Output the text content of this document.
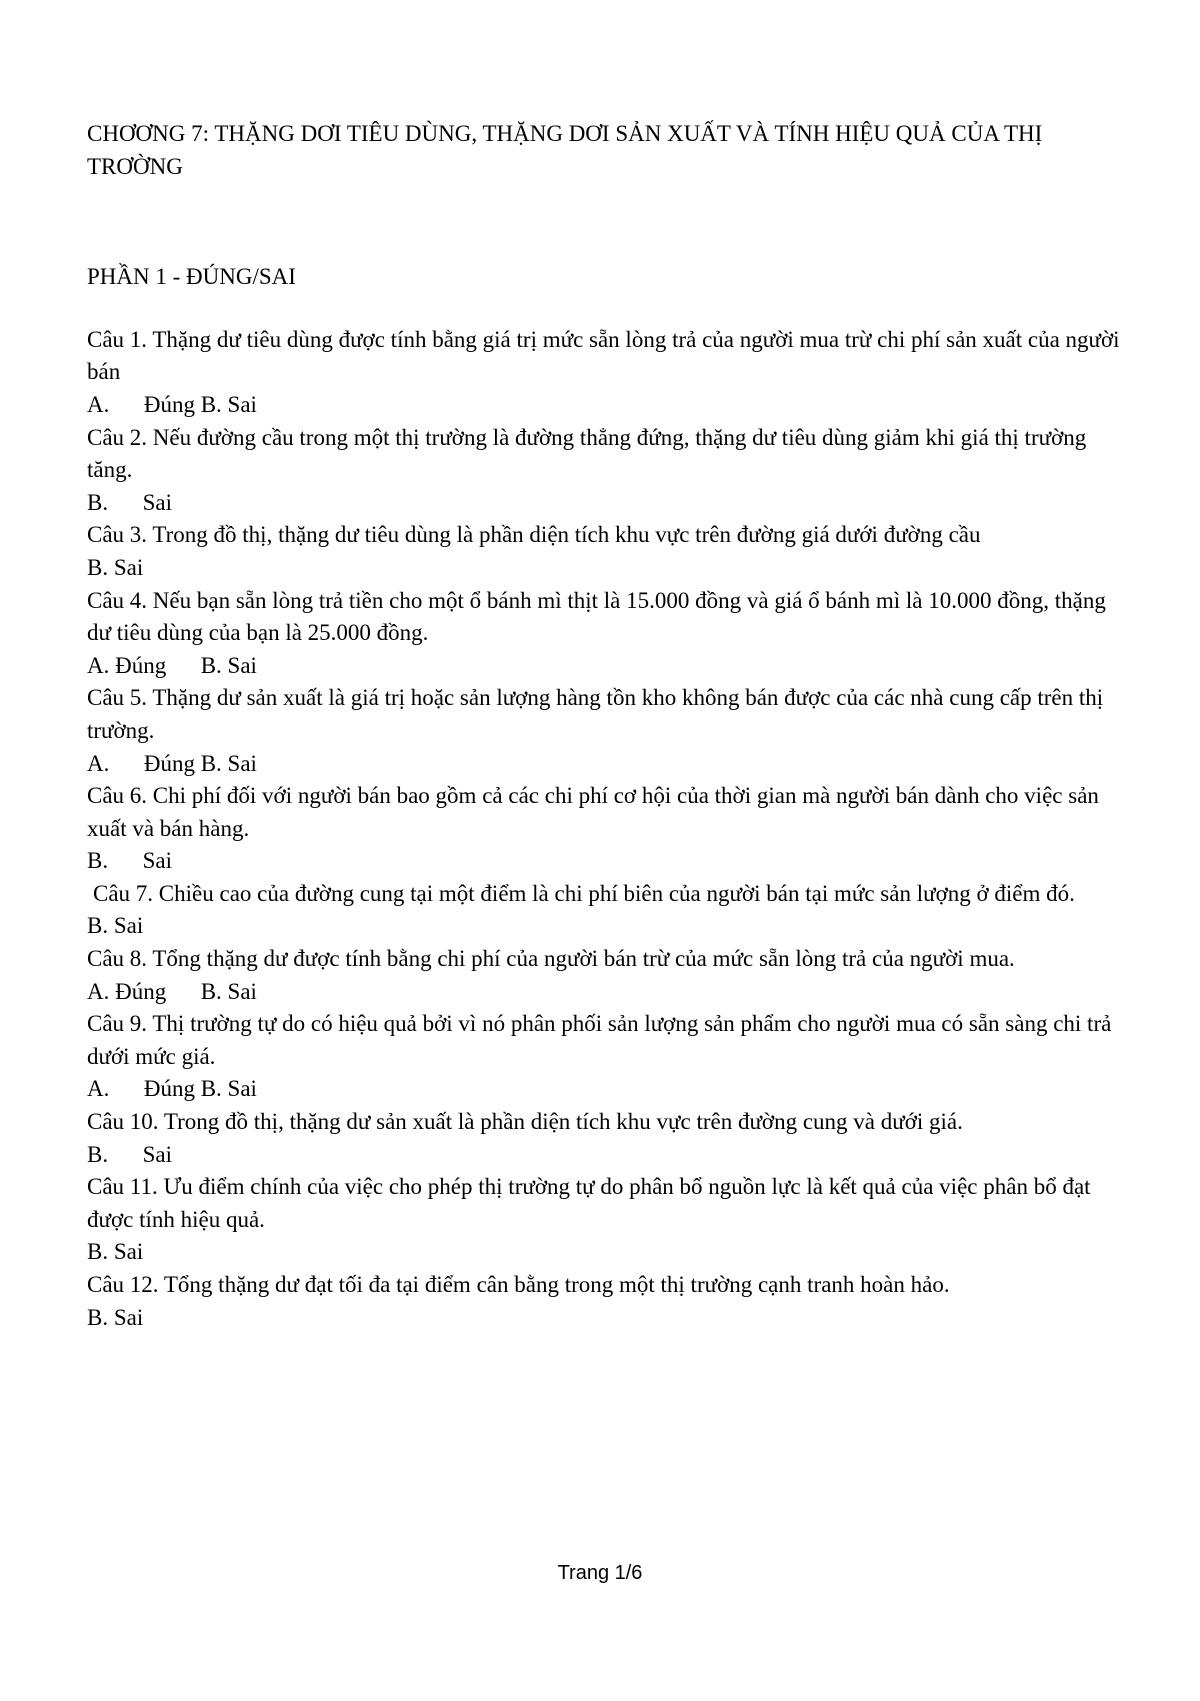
CHƠƠNG 7: THẶNG DƠI TIÊU DÙNG, THẶNG DƠI SẢN XUẤT VÀ TÍNH HIỆU QUẢ CỦA THỊ TRƠỜNG
PHẦN 1 - ĐÚNG/SAI

Câu 1. Thặng dư tiêu dùng được tính bằng giá trị mức sẵn lòng trả của người mua trừ chi phí sản xuất của người bán

A.      Đúng B. Sai

Câu 2. Nếu đường cầu trong một thị trường là đường thẳng đứng, thặng dư tiêu dùng giảm khi giá thị trường tăng.

B.      Sai

Câu 3. Trong đồ thị, thặng dư tiêu dùng là phần diện tích khu vực trên đường giá dưới đường cầu

B. Sai

Câu 4. Nếu bạn sẵn lòng trả tiền cho một ổ bánh mì thịt là 15.000 đồng và giá ổ bánh mì là 10.000 đồng, thặng dư tiêu dùng của bạn là 25.000 đồng.

A. Đúng      B. Sai

Câu 5. Thặng dư sản xuất là giá trị hoặc sản lượng hàng tồn kho không bán được của các nhà cung cấp trên thị trường.

A.      Đúng B. Sai

Câu 6. Chi phí đối với người bán bao gồm cả các chi phí cơ hội của thời gian mà người bán dành cho việc sản xuất và bán hàng.

B.      Sai

Câu 7. Chiều cao của đường cung tại một điểm là chi phí biên của người bán tại mức sản lượng ở điểm đó.

B. Sai

Câu 8. Tổng thặng dư được tính bằng chi phí của người bán trừ của mức sẵn lòng trả của người mua.

A. Đúng      B. Sai

Câu 9. Thị trường tự do có hiệu quả bởi vì nó phân phối sản lượng sản phẩm cho người mua có sẵn sàng chi trả dưới mức giá.

A.      Đúng B. Sai

Câu 10. Trong đồ thị, thặng dư sản xuất là phần diện tích khu vực trên đường cung và dưới giá.

B.      Sai

Câu 11. Ưu điểm chính của việc cho phép thị trường tự do phân bổ nguồn lực là kết quả của việc phân bổ đạt được tính hiệu quả.

B. Sai

Câu 12. Tổng thặng dư đạt tối đa tại điểm cân bằng trong một thị trường cạnh tranh hoàn hảo.

B. Sai

Trang 1/6
